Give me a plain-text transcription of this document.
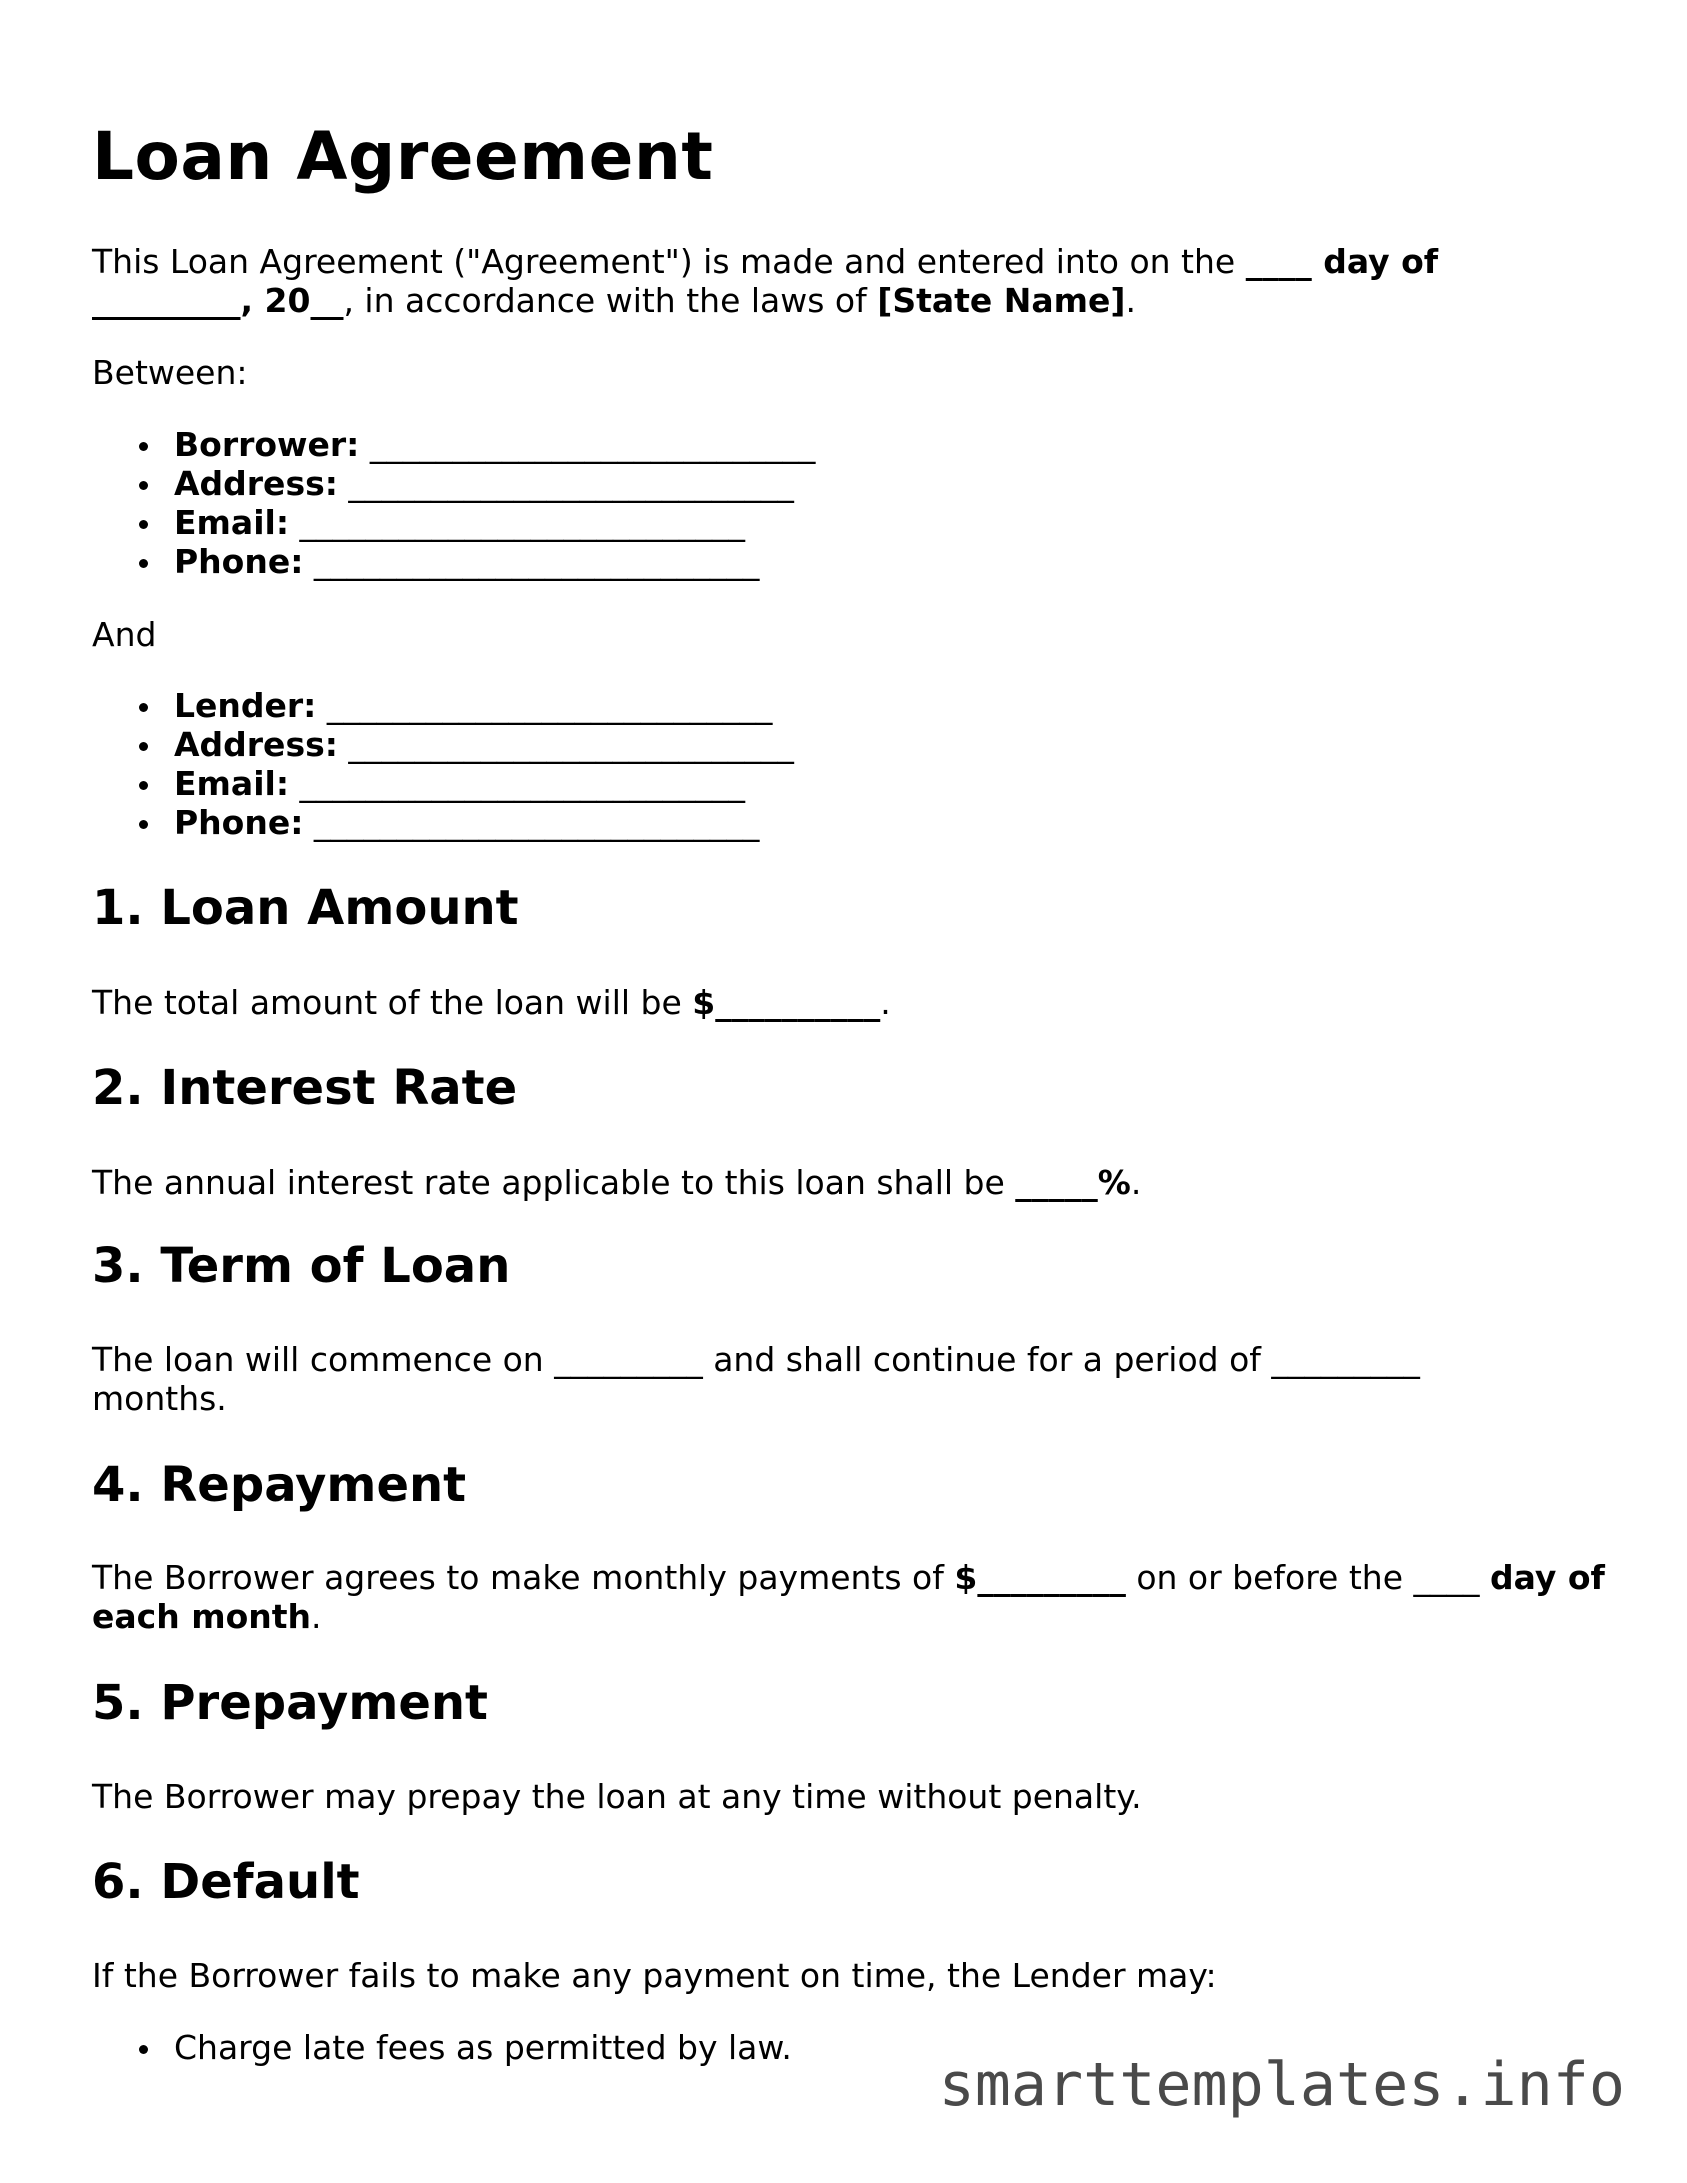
Loan Agreement

This Loan Agreement ("Agreement") is made and entered into on the ____ day of
_________, 20__, in accordance with the laws of [State Name].

Between:

Borrower: ___________________________
Address: ___________________________
Email: ___________________________
Phone: ___________________________

And

Lender: ___________________________
Address: ___________________________
Email: ___________________________
Phone: ___________________________
1. Loan Amount

The total amount of the loan will be $__________.

2. Interest Rate

The annual interest rate applicable to this loan shall be _____%.

3. Term of Loan

The loan will commence on _________ and shall continue for a period of _________ months.

4. Repayment

The Borrower agrees to make monthly payments of $_________ on or before the ____ day of each month.

5. Prepayment

The Borrower may prepay the loan at any time without penalty.

6. Default

If the Borrower fails to make any payment on time, the Lender may:

Charge late fees as permitted by law.
smarttemplates.info
